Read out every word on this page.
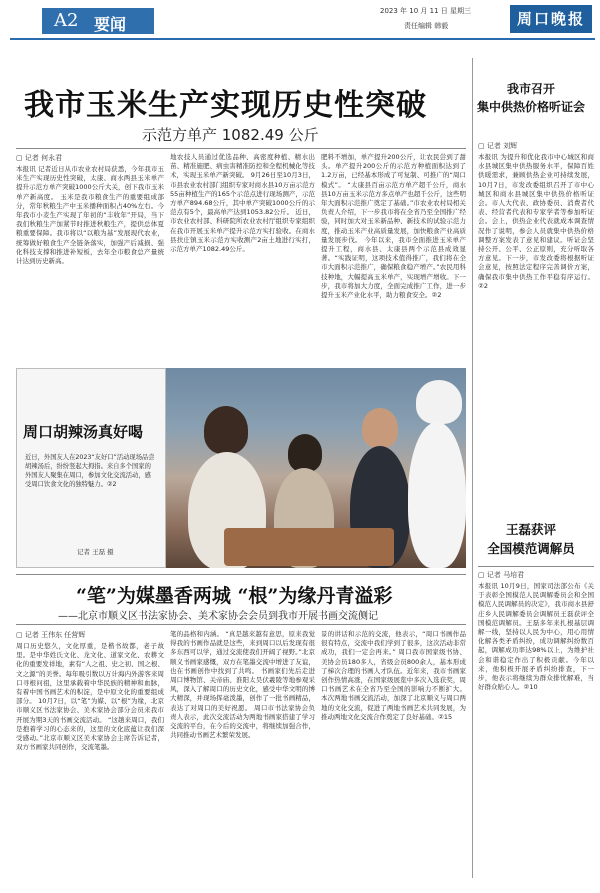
A2 要闻
2023 年 10 月 11 日 星期三
责任编辑 韩毅	周口晚报
我市玉米生产实现历史性突破
示范方单产 1082.49 公斤
▢ 记者 何永君
本报讯 记者近日从市农业农村局获悉，今年我市玉米生产实现历史性突破，太康、商水两县玉米单产提升示范方单产突破1000公斤大关，创下我市玉米单产新高度。 玉米是我市粮食生产的重要组成部分，常年秋粮生产中玉米播种面积占40%左右。今年我市小麦生产实现了年初的“丰收年”开局，当下我们秋粮生产加紧节时推进秋粮生产，提供总体夏粮重要保障。我市将以“以粮为基”发展现代农业，统筹做好粮食生产全链条落实，加强产后减损、强化科技支撑和推进补短板，去年全市粮食总产量统计达到历史新高。
地农技人员通过优选品种、高密度种植、精水出苗、精准施肥、病虫害精准防控和全程机械化等技术，实现玉米单产新突破。 9月26日至10月3日，市县农业农村部门组织专家对商水县10万亩示范方55亩种植生产的165个示范点进行现场测产，示范方单产894.68公斤，其中单产突破1000公斤的示范点有5个，最高单产达到1053.82公斤。 近日，市农业农村部、科研院所农业农村厅组织专家组织在我市开展玉米单产提升示范方实打验收。在商水县扶庄镇玉米示范方实收测产2亩土地进行实打，示范方单产1082.49公斤。
肥料不增加，单产提升200公斤，让农民尝到了甜头。单产提升200公斤的示范方种植面积达到了1.2万亩，已经基本形成了可复制、可推广的“周口模式”。 “太康县百亩示范方单产超千公斤，商水县10万亩玉米示范方多点单产也超千公斤，这些明年大面积示范推广奠定了基础。”市农业农村局相关负责人介绍，下一步我市将在全省乃至全国推广经验，同时加大对玉米新品种、新技术的试验示范力度，推动玉米产业高质量发展，加快粮食产业高质量发展步伐。 今年以来，我市全面推进玉米单产提升工程，商水县、太康县两个示范县成效显著。“实践证明，这项技术值得推广，我们将在全市大面积示范推广，确保粮食稳产增产。”农民用科技种地，大幅提高玉米单产，实现增产增收。下一步，我市将加大力度，全面完成推广工作，进一步提升玉米产业化水平，助力粮食安全。②2
我市召开
集中供热价格听证会
▢ 记者 刘辉
本报讯 为提升和优化我市中心城区和商水县城区集中供热服务水平，保障百姓供暖需求，兼顾供热企业可持续发展，10月7日，市发改委组织召开了市中心城区和商水县城区集中供热价格听证会。市人大代表、政协委员、消费者代表、经营者代表和专家学者等参加听证会。会上，供热企业代表就成本调查情况作了说明，参会人员就集中供热价格调整方案发表了意见和建议。听证会坚持公开、公平、公正原则，充分听取各方意见。下一步，市发改委将根据听证会意见，按照法定程序完善调价方案，确保我市集中供热工作平稳有序运行。②2
王磊获评
全国模范调解员
▢ 记者 马培君
本报讯 10月9日，国家司法部公布《关于表彰全国模范人民调解委员会和全国模范人民调解员的决定》，我市商水县舒庄乡人民调解委员会调解员王磊获评全国模范调解员。王磊多年来扎根基层调解一线，坚持以人民为中心，用心用情化解各类矛盾纠纷，成功调解纠纷数百起，调解成功率达98%以上，为维护社会和谐稳定作出了积极贡献。今年以来，他积极开展矛盾纠纷排查，下一步，他表示将继续为群众排忧解难，当好群众贴心人。②10
周口胡辣汤真好喝
近日，外国友人在2023“友好口”活动现场品尝胡辣汤后，纷纷竖起大拇指。来自多个国家的外国友人聚集在周口，参加文化交流活动，感受周口饮食文化的独特魅力。②2
记者 王磊 摄
“笔”为媒墨香两城 “根”为缘丹青溢彩
——北京市顺义区书法家协会、美术家协会会员到我市开展书画交流侧记
▢ 记者 王伟东 任营辉
周口历史悠久，文化厚重，是楷书故都，老子故里。是中华姓氏文化、龙文化、道家文化、农耕文化的重要发祥地，素有“人之祖、史之初、国之根、文之源”的美誉。每年吸引数以万计海内外游客来周口寻根问祖，这里承载着中华民族的精神和血脉，有着中国书画艺术的积淀，是中原文化的重要组成部分。 10月7日，以“笔”为媒、以“根”为缘，北京市顺义区书法家协会、美术家协会部分会员来我市开展为期3天的书画交流活动。 “这趟来周口，我们是抱着学习的心态来的，这里的文化底蕴让我们深受感动。”北京市顺义区美术家协会主席告诉记者，双方书画家共同创作，交流笔墨。
笔的品格和内涵。 “真是越来越有意思，原来我觉得我的书画作品就是这些，来到周口以后发现有很多东西可以学，通过交流使我们开阔了视野。”北京顺义书画家感慨，双方在笔墨交流中增进了友谊，也在书画创作中找到了共鸣。 书画家们先后走进周口博物馆、关帝庙、淮阳太昊伏羲陵等地参观采风，深入了解周口的历史文化，感受中华文明的博大精深，并现场挥毫泼墨，创作了一批书画精品，表达了对周口的美好祝愿。 周口市书法家协会负责人表示，此次交流活动为两地书画家搭建了学习交流的平台，在今后的交流中，将继续加强合作，共同推动书画艺术繁荣发展。
景的讲话和示范的交流，他表示，“周口书画作品很有特点，交流中我们学到了很多，这次活动非常成功，我们一定会再来。” 周口我市国家级书协、美协会员180多人，省级会员800余人，基本形成了梯次合理的书画人才队伍。近年来，我市书画家创作热情高涨，在国家级展览中多次入选获奖，周口书画艺术在全省乃至全国的影响力不断扩大。 本次两地书画交流活动，加深了北京顺义与周口两地的文化交流，促进了两地书画艺术共同发展，为推动两地文化交流合作奠定了良好基础。②15
